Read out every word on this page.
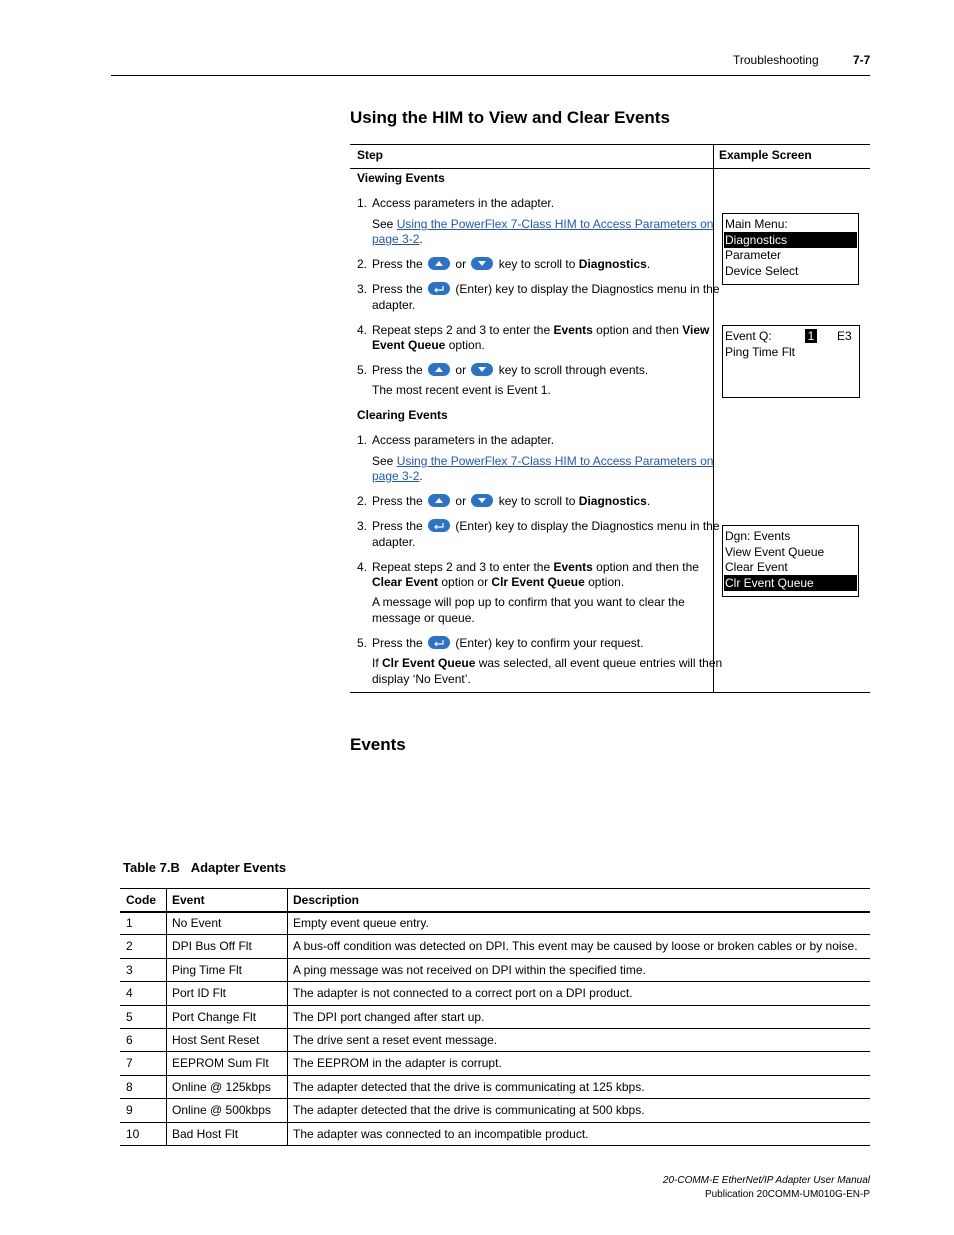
Troubleshooting	7-7
Using the HIM to View and Clear Events
Step	Example Screen
Viewing Events
1. Access parameters in the adapter.
See Using the PowerFlex 7-Class HIM to Access Parameters on
page 3-2.
2. Press the	or	key to scroll to Diagnostics.
3. Press the	(Enter) key to display the Diagnostics menu in the
adapter.
4. Repeat steps 2 and 3 to enter the Events option and then View
Event Queue option.
5. Press the	or	key to scroll through events.
The most recent event is Event 1.
Clearing Events
1. Access parameters in the adapter.
See Using the PowerFlex 7-Class HIM to Access Parameters on
page 3-2.
2. Press the	or	key to scroll to Diagnostics.
3. Press the	(Enter) key to display the Diagnostics menu in the
adapter.
4. Repeat steps 2 and 3 to enter the Events option and then the
Clear Event option or Clr Event Queue option.
A message will pop up to confirm that you want to clear the
message or queue.
5. Press the	(Enter) key to confirm your request.
If Clr Event Queue was selected, all event queue entries will then
display ‘No Event’.
Main Menu:
Diagnostics
Parameter
Device Select
Event Q:	1 E3
Ping Time Flt
Dgn: Events
View Event Queue
Clear Event
Clr Event Queue
Events
Table 7.B Adapter Events
Code Event	Description
1	No Event	Empty event queue entry.
2	DPI Bus Off Flt	A bus-off condition was detected on DPI. This event may be caused by loose or broken cables or by noise.
3	Ping Time Flt	A ping message was not received on DPI within the specified time.
4	Port ID Flt	The adapter is not connected to a correct port on a DPI product.
5	Port Change Flt	The DPI port changed after start up.
6	Host Sent Reset	The drive sent a reset event message.
7	EEPROM Sum Flt The EEPROM in the adapter is corrupt.
8	Online @ 125kbps The adapter detected that the drive is communicating at 125 kbps.
9	Online @ 500kbps The adapter detected that the drive is communicating at 500 kbps.
10	Bad Host Flt	The adapter was connected to an incompatible product.
20-COMM-E EtherNet/IP Adapter User Manual
Publication 20COMM-UM010G-EN-P
